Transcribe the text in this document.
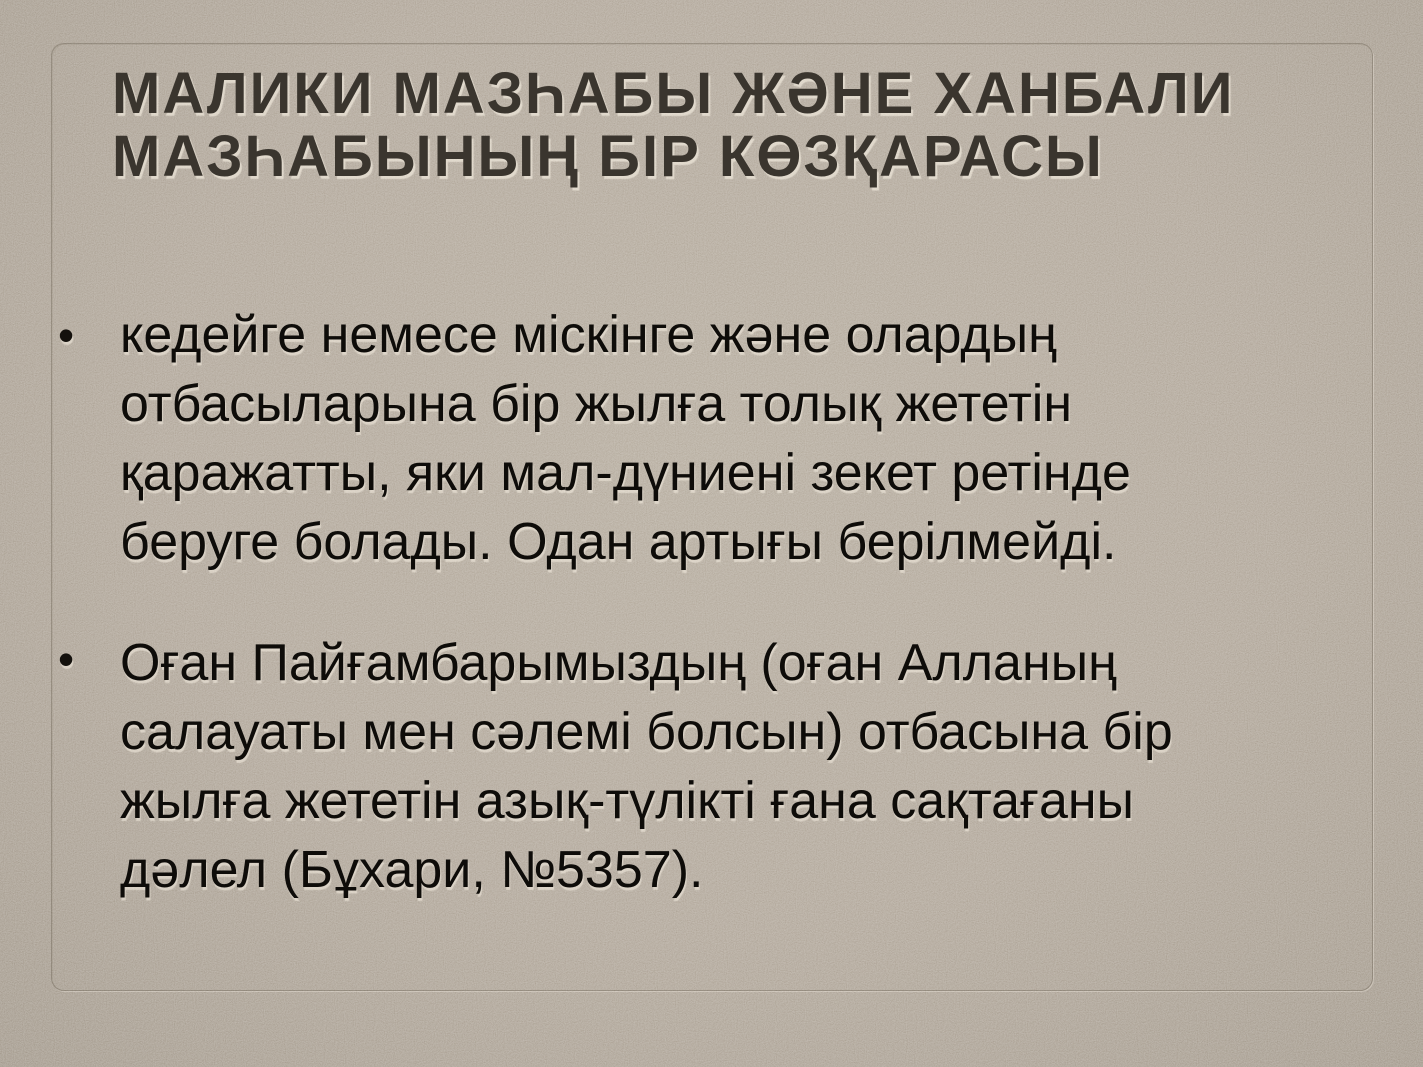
МАЛИКИ МАЗҺАБЫ ЖӘНЕ ХАНБАЛИ
МАЗҺАБЫНЫҢ БІР КӨЗҚАРАСЫ
• кедейге немесе міскінге және олардың
отбасыларына бір жылға толық жететін
қаражатты, яки мал-дүниені зекет ретінде
беруге болады. Одан артығы берілмейді.
• Оған Пайғамбарымыздың (оған Алланың
салауаты мен сәлемі болсын) отбасына бір
жылға жететін азық-түлікті ғана сақтағаны
дәлел (Бұхари, №5357).
